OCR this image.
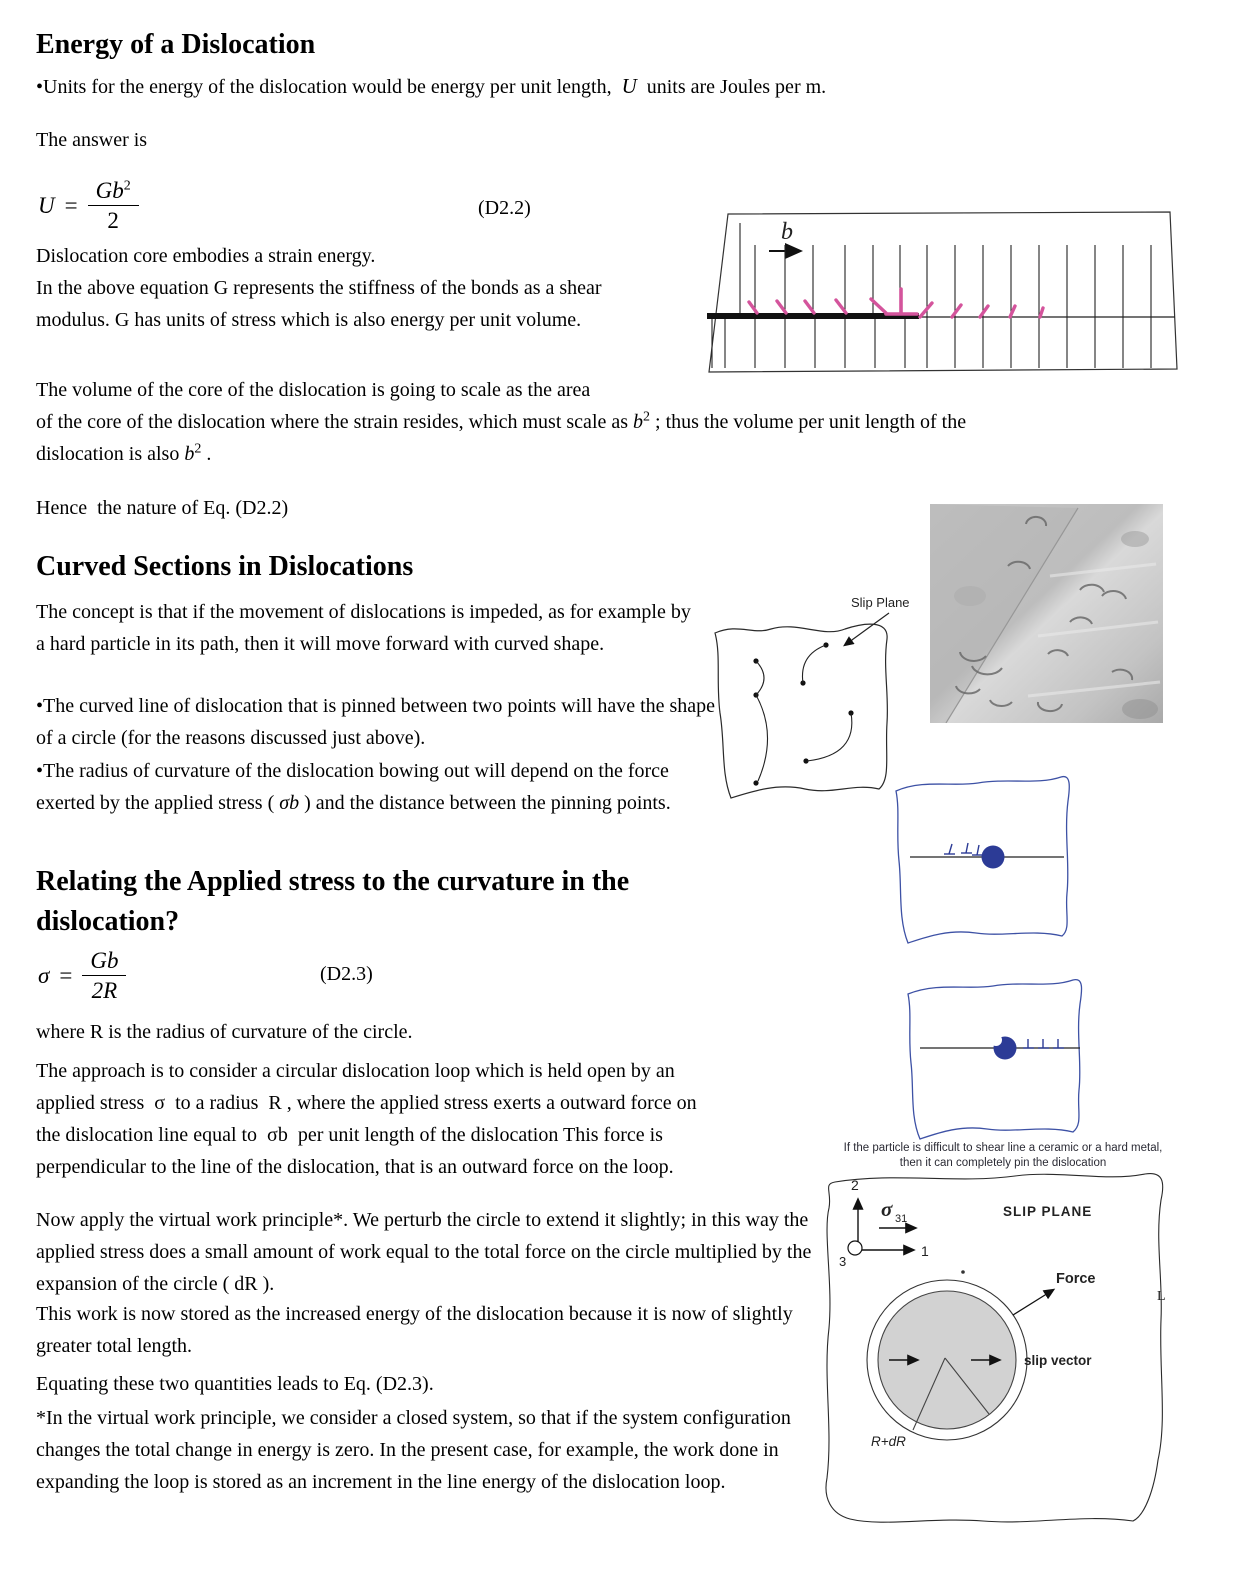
Energy of a Dislocation
•Units for the energy of the dislocation would be energy per unit length,  U  units are Joules per m.
The answer is
$U = \frac{Gb^2}{2}$	(D2.2)
Dislocation core embodies a strain energy.
In the above equation G represents the stiffness of the bonds as a shear modulus. G has units of stress which is also energy per unit volume.
The volume of the core of the dislocation is going to scale as the area
of the core of the dislocation where the strain resides, which must scale as $b^2$ ; thus the volume per unit length of the
dislocation is also $b^2$ .
Hence  the nature of Eq. (D2.2)
Curved Sections in Dislocations
The concept is that if the movement of dislocations is impeded, as for example by a hard particle in its path, then it will move forward with curved shape.
•The curved line of dislocation that is pinned between two points will have the shape of a circle (for the reasons discussed just above).
•The radius of curvature of the dislocation bowing out will depend on the force exerted by the applied stress ( σb ) and the distance between the pinning points.
Relating the Applied stress to the curvature in the dislocation?
$\sigma = \frac{Gb}{2R}$	(D2.3)
where R is the radius of curvature of the circle.
The approach is to consider a circular dislocation loop which is held open by an applied stress  σ  to a radius  R , where the applied stress exerts a outward force on the dislocation line equal to  σb  per unit length of the dislocation This force is perpendicular to the line of the dislocation, that is an outward force on the loop.
Now apply the virtual work principle*. We perturb the circle to extend it slightly; in this way the applied stress does a small amount of work equal to the total force on the circle multiplied by the expansion of the circle ( dR ).
This work is now stored as the increased energy of the dislocation because it is now of slightly greater total length.
Equating these two quantities leads to Eq. (D2.3).
*In the virtual work principle, we consider a closed system, so that if the system configuration changes the total change in energy is zero. In the present case, for example, the work done in expanding the loop is stored as an increment in the line energy of the dislocation loop.
b
Slip Plane
If the particle is difficult to shear line a ceramic or a hard metal,
then it can completely pin the dislocation
2
1
3
σ 31	SLIP PLANE
L
Force
slip vector
R+dR
